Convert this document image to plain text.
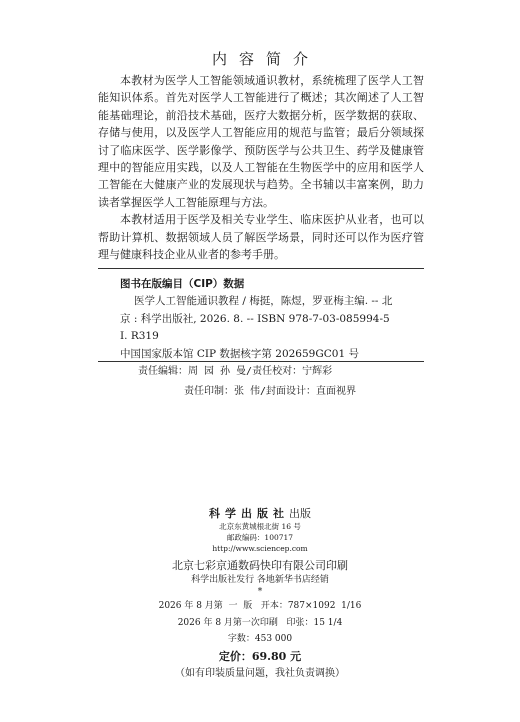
内容简介

本教材为医学人工智能领域通识教材，系统梳理了医学人工智能知识体系。首先对医学人工智能进行了概述；其次阐述了人工智能基础理论，前沿技术基础，医疗大数据分析，医学数据的获取、存储与使用，以及医学人工智能应用的规范与监管；最后分领域探讨了临床医学、医学影像学、预防医学与公共卫生、药学及健康管理中的智能应用实践，以及人工智能在生物医学中的应用和医学人工智能在大健康产业的发展现状与趋势。全书辅以丰富案例，助力读者掌握医学人工智能原理与方法。

本教材适用于医学及相关专业学生、临床医护从业者，也可以帮助计算机、数据领域人员了解医学场景，同时还可以作为医疗管理与健康科技企业从业者的参考手册。

图书在版编目（CIP）数据
医学人工智能通识教程 / 梅挺，陈煜，罗亚梅主编. -- 北
京 : 科学出版社, 2026. 8. -- ISBN 978-7-03-085994-5
Ⅰ. R319
中国国家版本馆 CIP 数据核字第 202659GC01 号
责任编辑：周 园 孙 曼/责任校对：宁辉彩
责任印制：张 伟/封面设计：直面视界
科学出版社出版
北京东黄城根北街 16 号
邮政编码：100717
http://www.sciencep.com
北京七彩京通数码快印有限公司印刷
科学出版社发行 各地新华书店经销
*
2026 年 8 月第  一  版   开本：787×1092  1/16
2026 年 8 月第一次印刷   印张：15 1/4
字数：453 000
定价：69.80 元
（如有印装质量问题，我社负责调换）
